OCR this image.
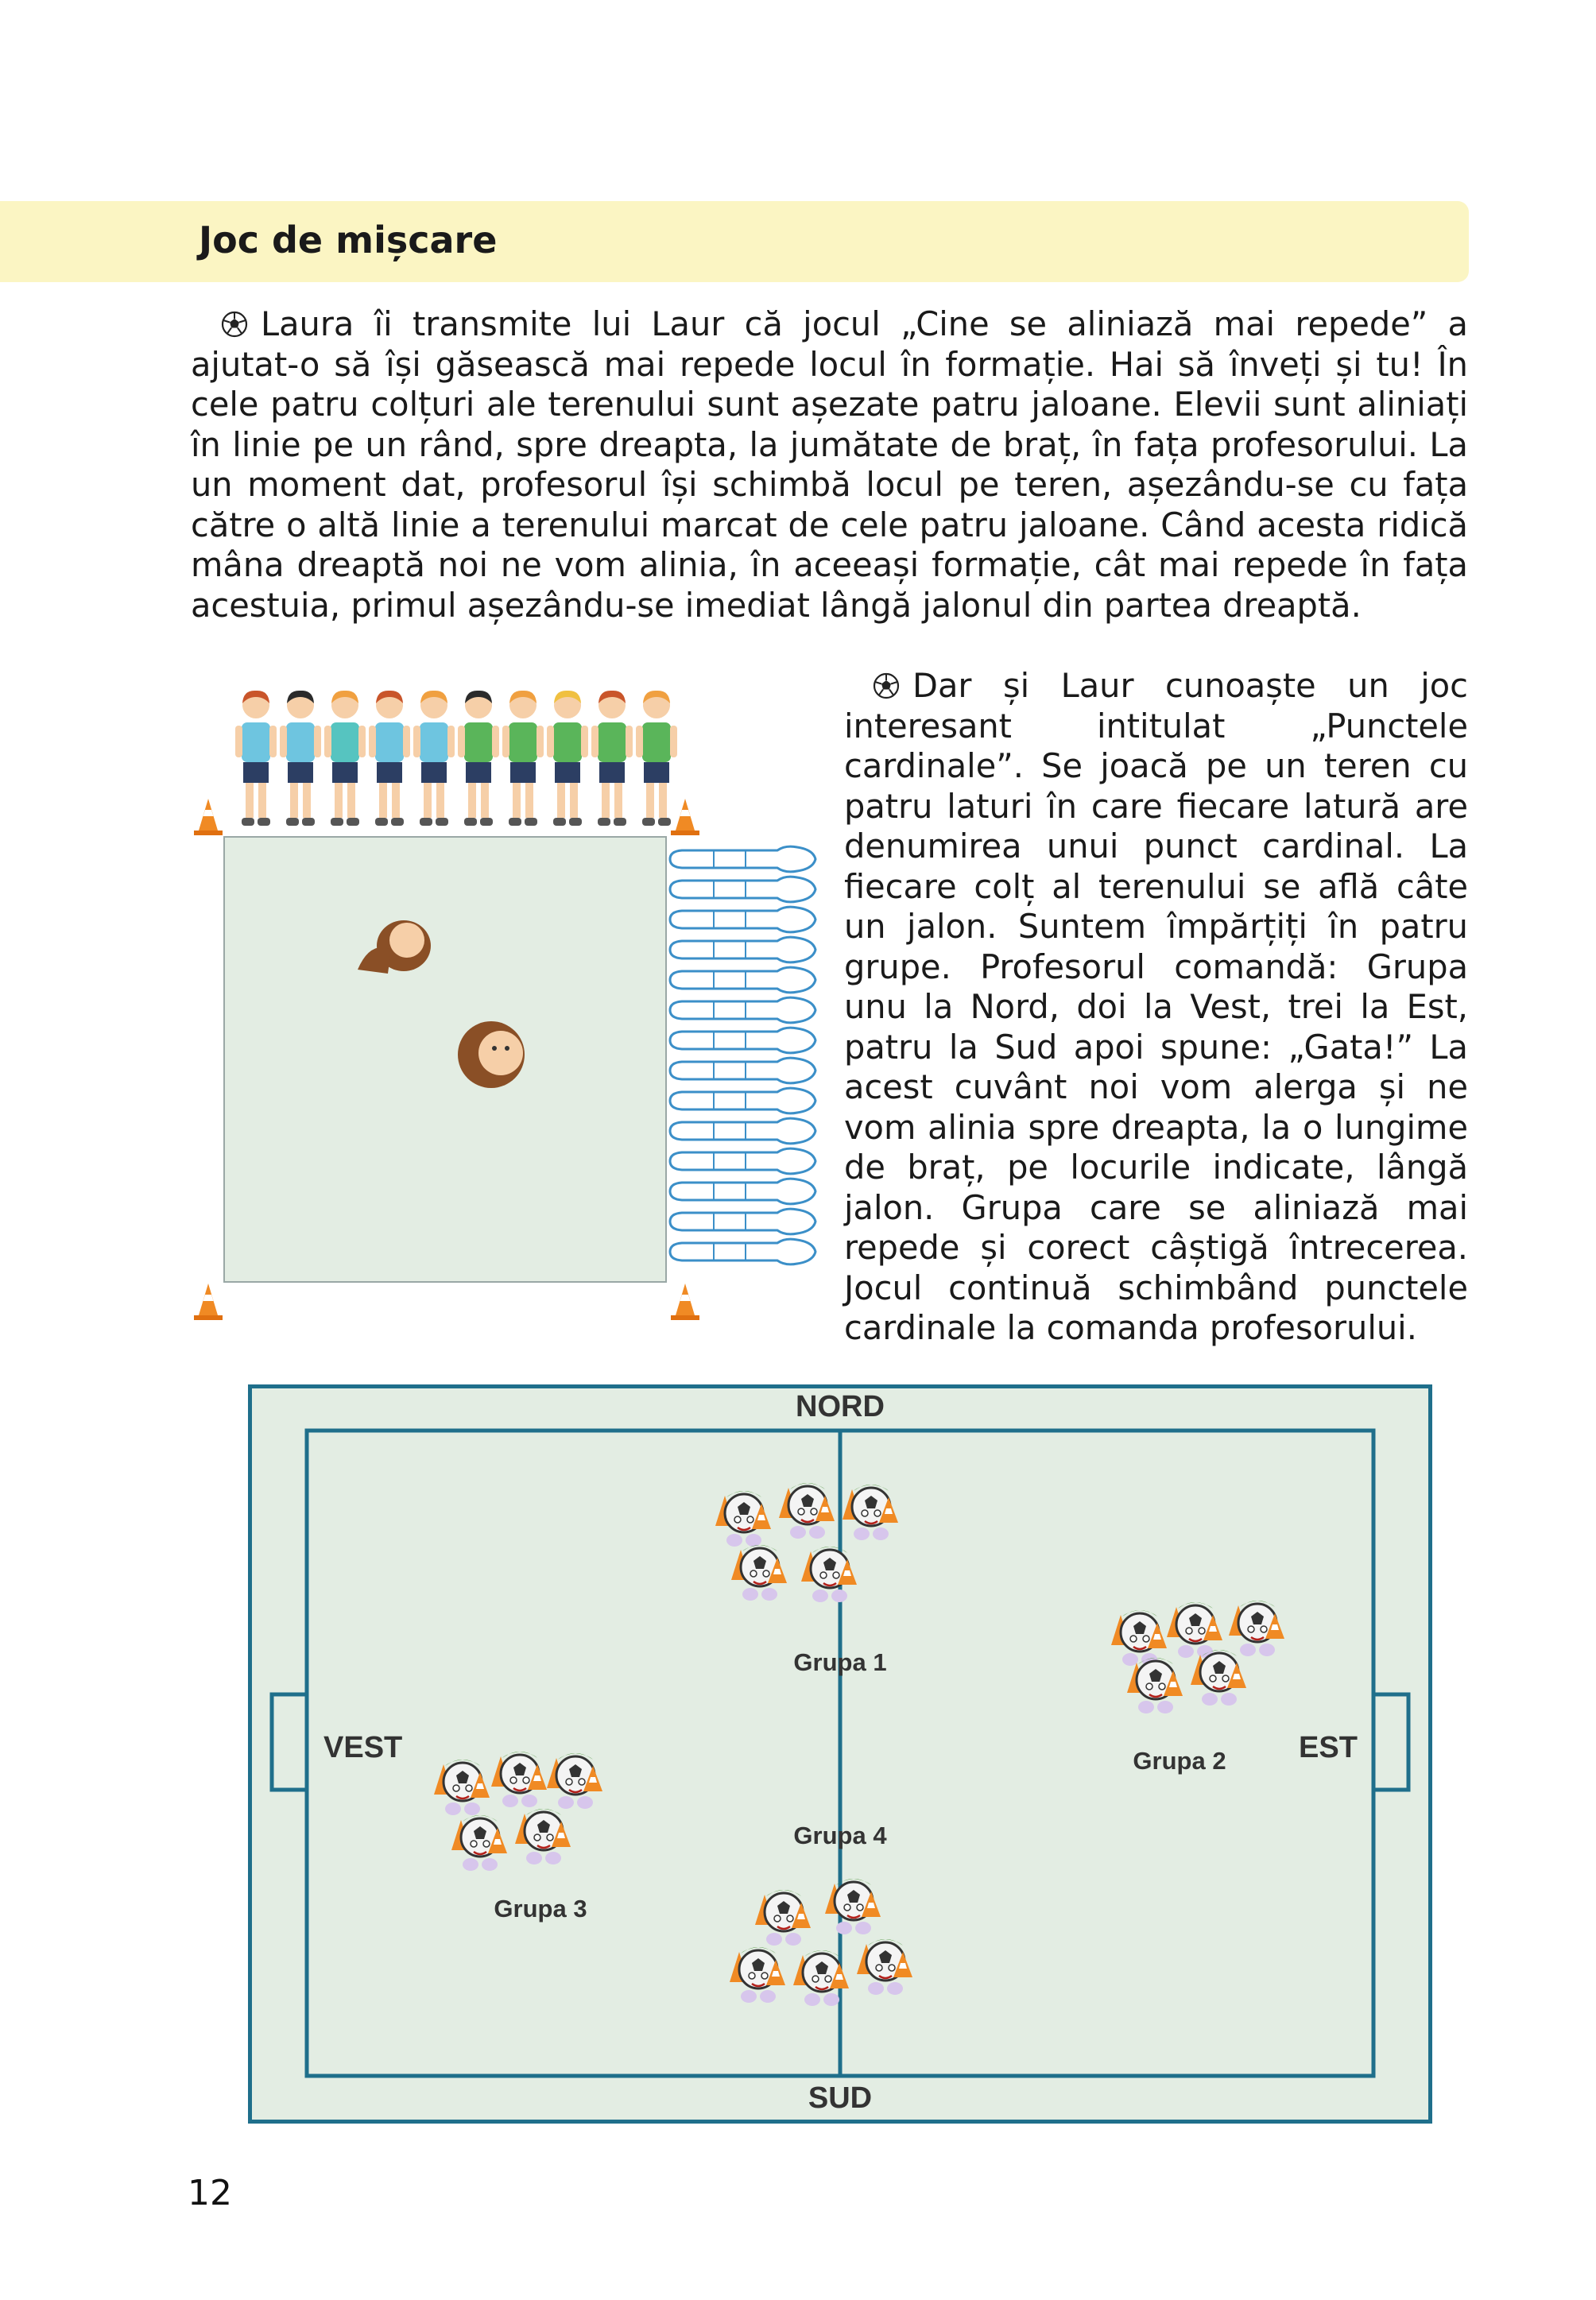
Joc de mișcare

Laura îi transmite lui Laur că jocul „Cine se aliniază mai repede” a ajutat-o să își găsească mai repede locul în formație. Hai să înveți și tu! În cele patru colțuri ale terenului sunt așezate patru jaloane. Elevii sunt aliniați în linie pe un rând, spre dreapta, la jumătate de braț, în fața profesorului. La un moment dat, profesorul își schimbă locul pe teren, așezându-se cu fața către o altă linie a terenului marcat de cele patru jaloane. Când acesta ridică mâna dreaptă noi ne vom alinia, în aceeași formație, cât mai repede în fața acestuia, primul așezându-se imediat lângă jalonul din partea dreaptă.

Dar și Laur cunoaște un joc interesant intitulat „Punctele cardinale”. Se joacă pe un teren cu patru laturi în care fiecare latură are denumirea unui punct cardinal. La fiecare colț al terenului se află câte un jalon. Suntem împărțiți în patru grupe. Profesorul comandă: Grupa unu la Nord, doi la Vest, trei la Est, patru la Sud apoi spune: „Gata!” La acest cuvânt noi vom alerga și ne vom alinia spre dreapta, la o lungime de braț, pe locurile indicate, lângă jalon. Grupa care se aliniază mai repede și corect câștigă întrecerea. Jocul continuă schimbând punctele cardinale la comanda profesorului.

NORD
SUD
VEST	EST
Grupa 1
Grupa 2
Grupa 3
Grupa 4
12
